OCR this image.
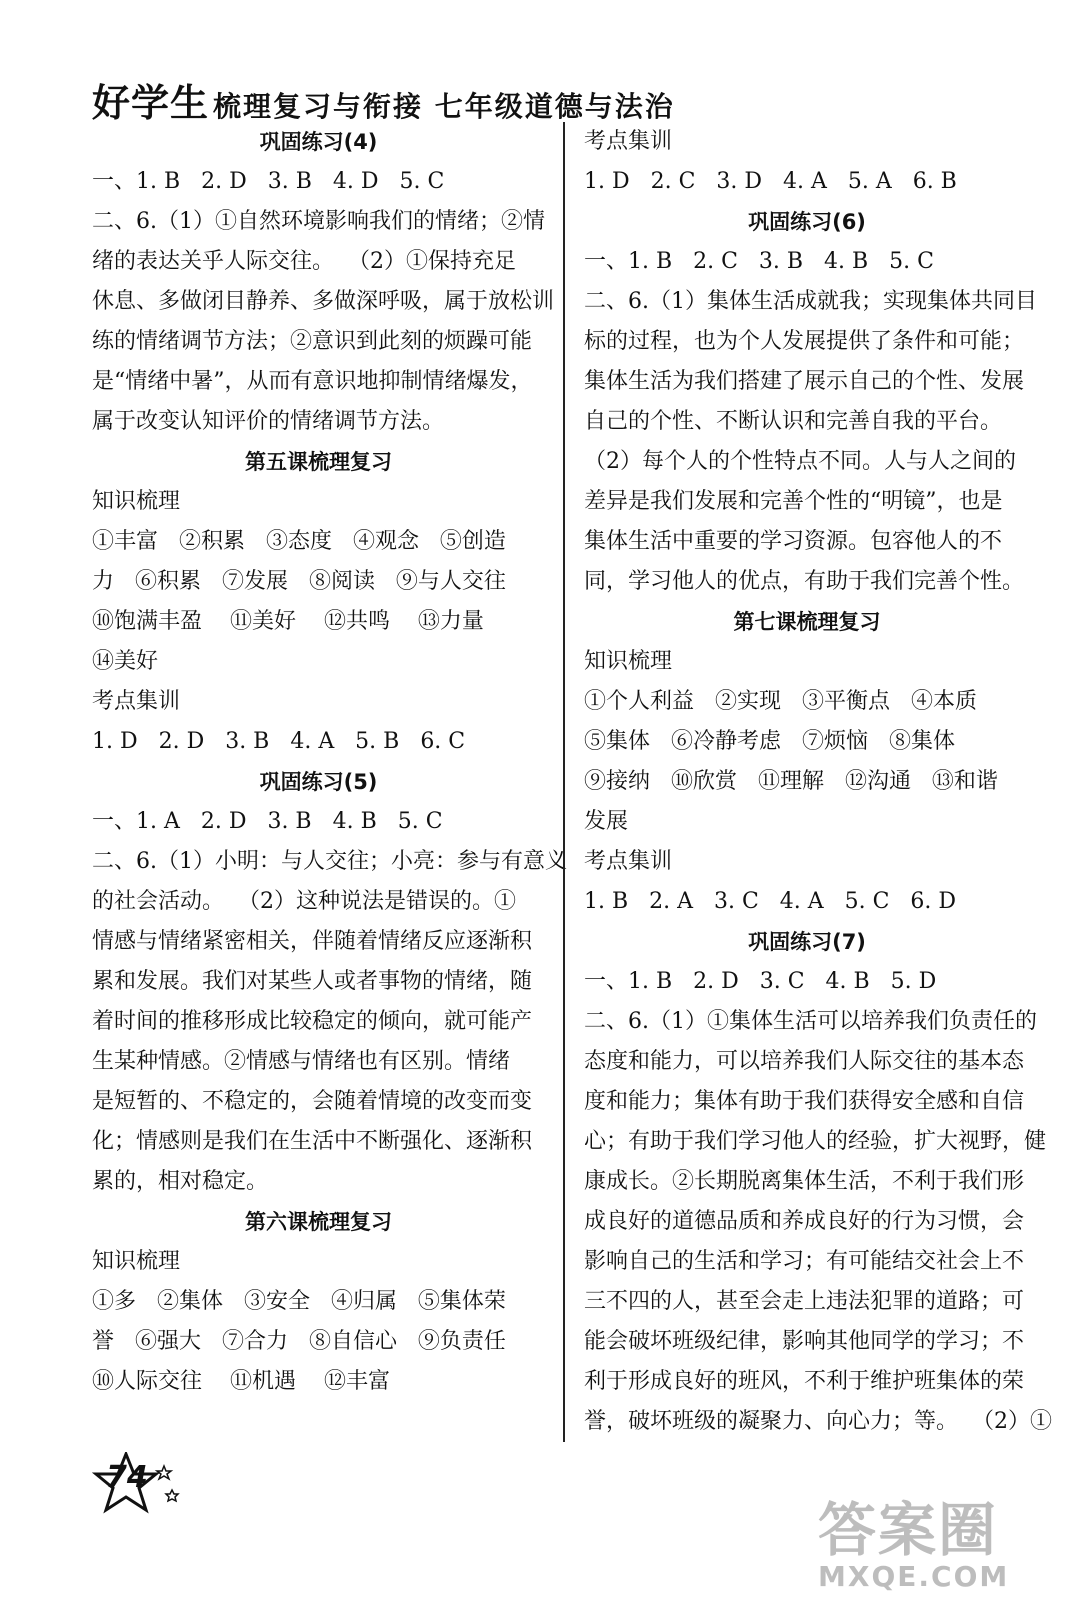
好学生 梳理复习与衔接 七年级道德与法治
巩固练习(4)
一、1. B   2. D   3. B   4. D   5. C
二、6.（1）①自然环境影响我们的情绪；②情
绪的表达关乎人际交往。  （2）①保持充足
休息、多做闭目静养、多做深呼吸，属于放松训
练的情绪调节方法；②意识到此刻的烦躁可能
是“情绪中暑”，从而有意识地抑制情绪爆发，
属于改变认知评价的情绪调节方法。
第五课梳理复习
知识梳理
①丰富   ②积累   ③态度   ④观念   ⑤创造
力   ⑥积累   ⑦发展   ⑧阅读   ⑨与人交往
⑩饱满丰盈    ⑪美好    ⑫共鸣    ⑬力量
⑭美好
考点集训
1. D   2. D   3. B   4. A   5. B   6. C
巩固练习(5)
一、1. A   2. D   3. B   4. B   5. C
二、6.（1）小明：与人交往；小亮：参与有意义
的社会活动。  （2）这种说法是错误的。①
情感与情绪紧密相关，伴随着情绪反应逐渐积
累和发展。我们对某些人或者事物的情绪，随
着时间的推移形成比较稳定的倾向，就可能产
生某种情感。②情感与情绪也有区别。情绪
是短暂的、不稳定的，会随着情境的改变而变
化；情感则是我们在生活中不断强化、逐渐积
累的，相对稳定。
第六课梳理复习
知识梳理
①多   ②集体   ③安全   ④归属   ⑤集体荣
誉   ⑥强大   ⑦合力   ⑧自信心   ⑨负责任
⑩人际交往    ⑪机遇    ⑫丰富
考点集训
1. D   2. C   3. D   4. A   5. A   6. B
巩固练习(6)
一、1. B   2. C   3. B   4. B   5. C
二、6.（1）集体生活成就我；实现集体共同目
标的过程，也为个人发展提供了条件和可能；
集体生活为我们搭建了展示自己的个性、发展
自己的个性、不断认识和完善自我的平台。
（2）每个人的个性特点不同。人与人之间的
差异是我们发展和完善个性的“明镜”，也是
集体生活中重要的学习资源。包容他人的不
同，学习他人的优点，有助于我们完善个性。
第七课梳理复习
知识梳理
①个人利益   ②实现   ③平衡点   ④本质
⑤集体   ⑥冷静考虑   ⑦烦恼   ⑧集体
⑨接纳   ⑩欣赏   ⑪理解   ⑫沟通   ⑬和谐
发展
考点集训
1. B   2. A   3. C   4. A   5. C   6. D
巩固练习(7)
一、1. B   2. D   3. C   4. B   5. D
二、6.（1）①集体生活可以培养我们负责任的
态度和能力，可以培养我们人际交往的基本态
度和能力；集体有助于我们获得安全感和自信
心；有助于我们学习他人的经验，扩大视野，健
康成长。②长期脱离集体生活，不利于我们形
成良好的道德品质和养成良好的行为习惯，会
影响自己的生活和学习；有可能结交社会上不
三不四的人，甚至会走上违法犯罪的道路；可
能会破坏班级纪律，影响其他同学的学习；不
利于形成良好的班风，不利于维护班集体的荣
誉，破坏班级的凝聚力、向心力；等。  （2）①
74
答案圈
MXQE.COM
